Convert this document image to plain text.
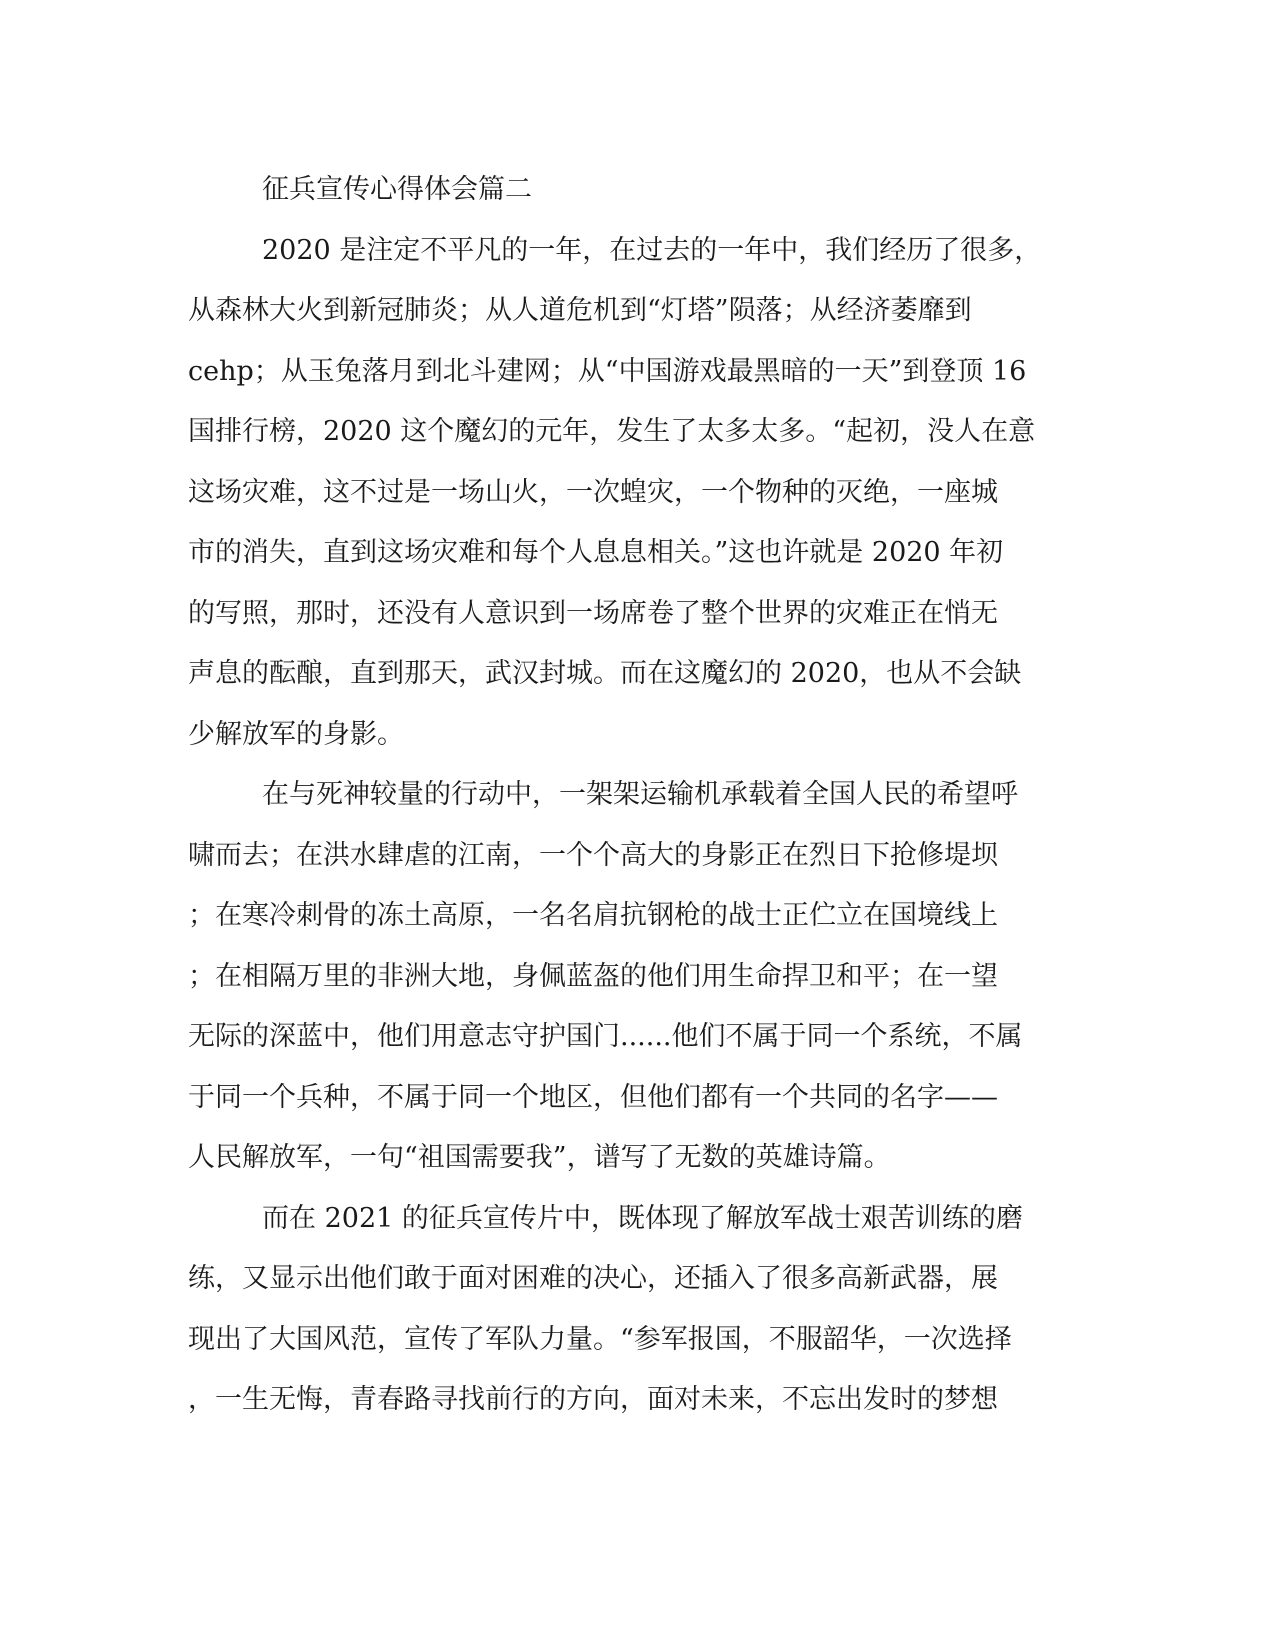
征兵宣传心得体会篇二
2020 是注定不平凡的一年，在过去的一年中，我们经历了很多，
从森林大火到新冠肺炎；从人道危机到“灯塔”陨落；从经济萎靡到
cehp；从玉兔落月到北斗建网；从“中国游戏最黑暗的一天”到登顶 16
国排行榜，2020 这个魔幻的元年，发生了太多太多。“起初，没人在意
这场灾难，这不过是一场山火，一次蝗灾，一个物种的灭绝，一座城
市的消失，直到这场灾难和每个人息息相关。”这也许就是 2020 年初
的写照，那时，还没有人意识到一场席卷了整个世界的灾难正在悄无
声息的酝酿，直到那天，武汉封城。而在这魔幻的 2020，也从不会缺
少解放军的身影。
在与死神较量的行动中，一架架运输机承载着全国人民的希望呼
啸而去；在洪水肆虐的江南，一个个高大的身影正在烈日下抢修堤坝
；在寒冷刺骨的冻土高原，一名名肩抗钢枪的战士正伫立在国境线上
；在相隔万里的非洲大地，身佩蓝盔的他们用生命捍卫和平；在一望
无际的深蓝中，他们用意志守护国门......他们不属于同一个系统，不属
于同一个兵种，不属于同一个地区，但他们都有一个共同的名字——
人民解放军，一句“祖国需要我”，谱写了无数的英雄诗篇。
而在 2021 的征兵宣传片中，既体现了解放军战士艰苦训练的磨
练，又显示出他们敢于面对困难的决心，还插入了很多高新武器，展
现出了大国风范，宣传了军队力量。“参军报国，不服韶华，一次选择
，一生无悔，青春路寻找前行的方向，面对未来，不忘出发时的梦想
